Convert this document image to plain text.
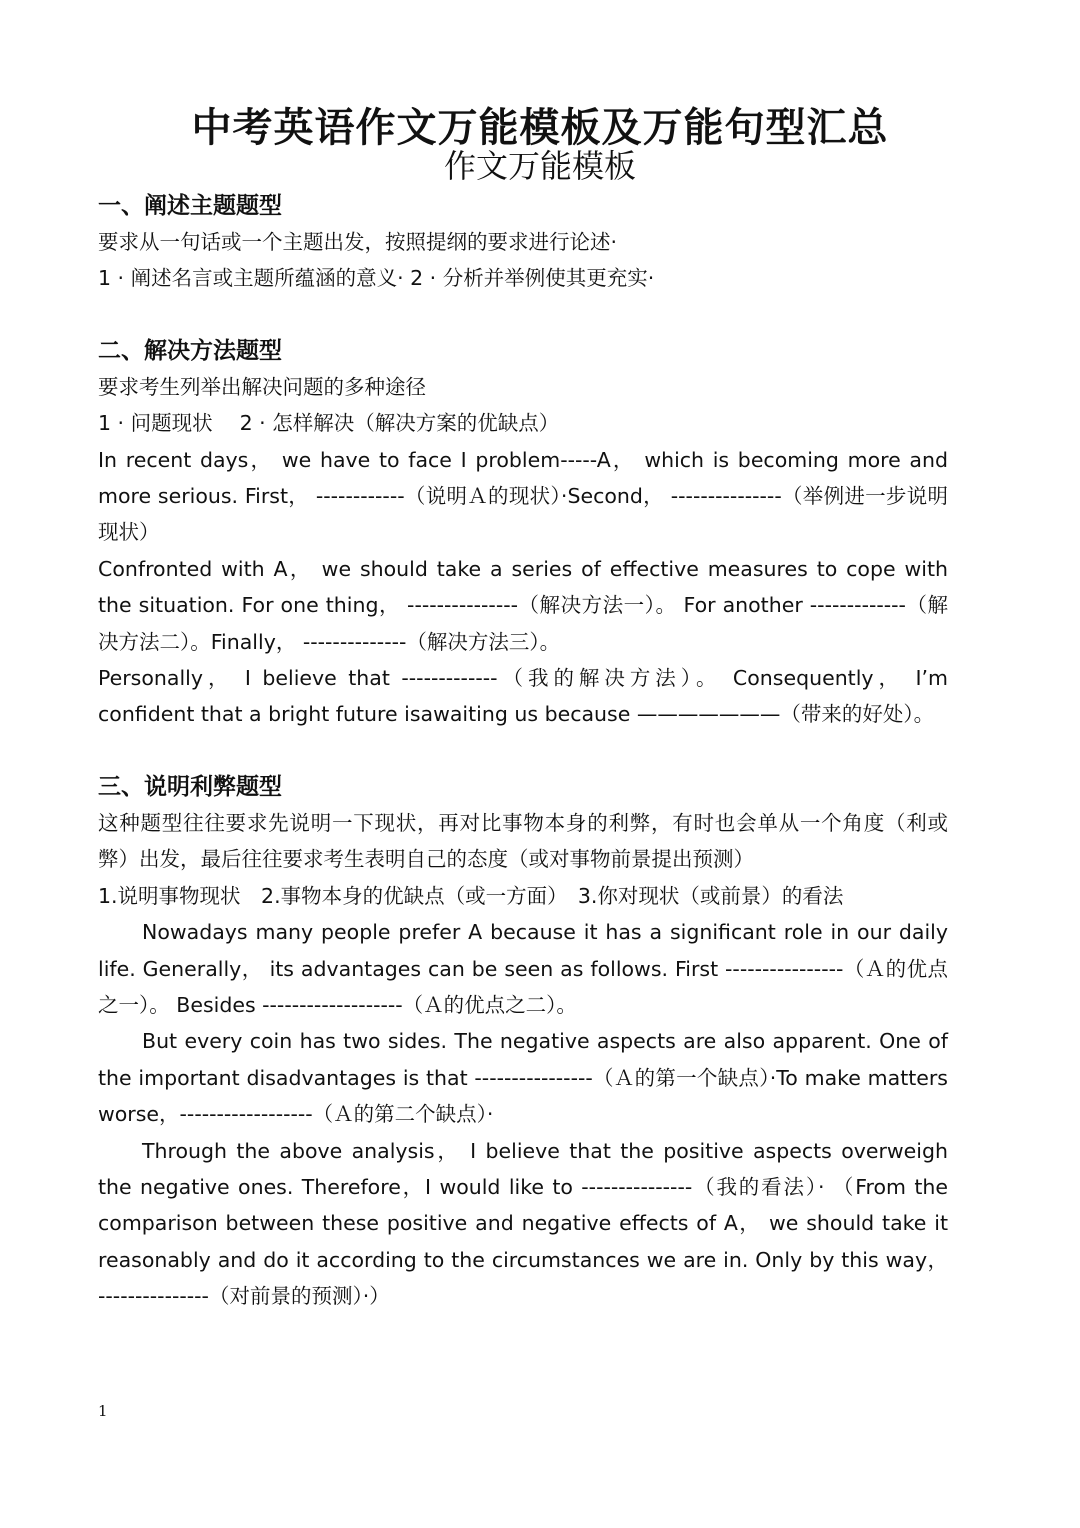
中考英语作文万能模板及万能句型汇总
作文万能模板

一、阐述主题题型

要求从一句话或一个主题出发，按照提纲的要求进行论述·

1 · 阐述名言或主题所蕴涵的意义· 2 · 分析并举例使其更充实·

二、解决方法题型

要求考生列举出解决问题的多种途径

1 · 问题现状　 2 · 怎样解决（解决方案的优缺点）

In recent days， we have to face I problem-----A， which is becoming more and more serious. First， ------------（说明Ａ的现状）·Second， ---------------（举例进一步说明现状）

Confronted with A， we should take a series of effective measures to cope with the situation. For one thing， ---------------（解决方法一）。 For another -------------（解决方法二）。Finally， --------------（解决方法三）。

Personally， I believe that -------------（我的解决方法）。 Consequently， I’m confident that a bright future isawaiting us because ———————（带来的好处）。

三、说明利弊题型

这种题型往往要求先说明一下现状，再对比事物本身的利弊，有时也会单从一个角度（利或弊）出发，最后往往要求考生表明自己的态度（或对事物前景提出预测）

1.说明事物现状　2.事物本身的优缺点（或一方面）　3.你对现状（或前景）的看法

Nowadays many people prefer A because it has a significant role in our daily life. Generally， its advantages can be seen as follows. First ----------------（Ａ的优点之一）。 Besides -------------------（Ａ的优点之二）。

But every coin has two sides. The negative aspects are also apparent. One of the important disadvantages is that ----------------（Ａ的第一个缺点）·To make matters worse，------------------（Ａ的第二个缺点）·

Through the above analysis， I believe that the positive aspects overweigh the negative ones. Therefore，I would like to ---------------（我的看法）· （From the comparison between these positive and negative effects of A， we should take it reasonably and do it according to the circumstances we are in. Only by this way， ---------------（对前景的预测）·）

1
